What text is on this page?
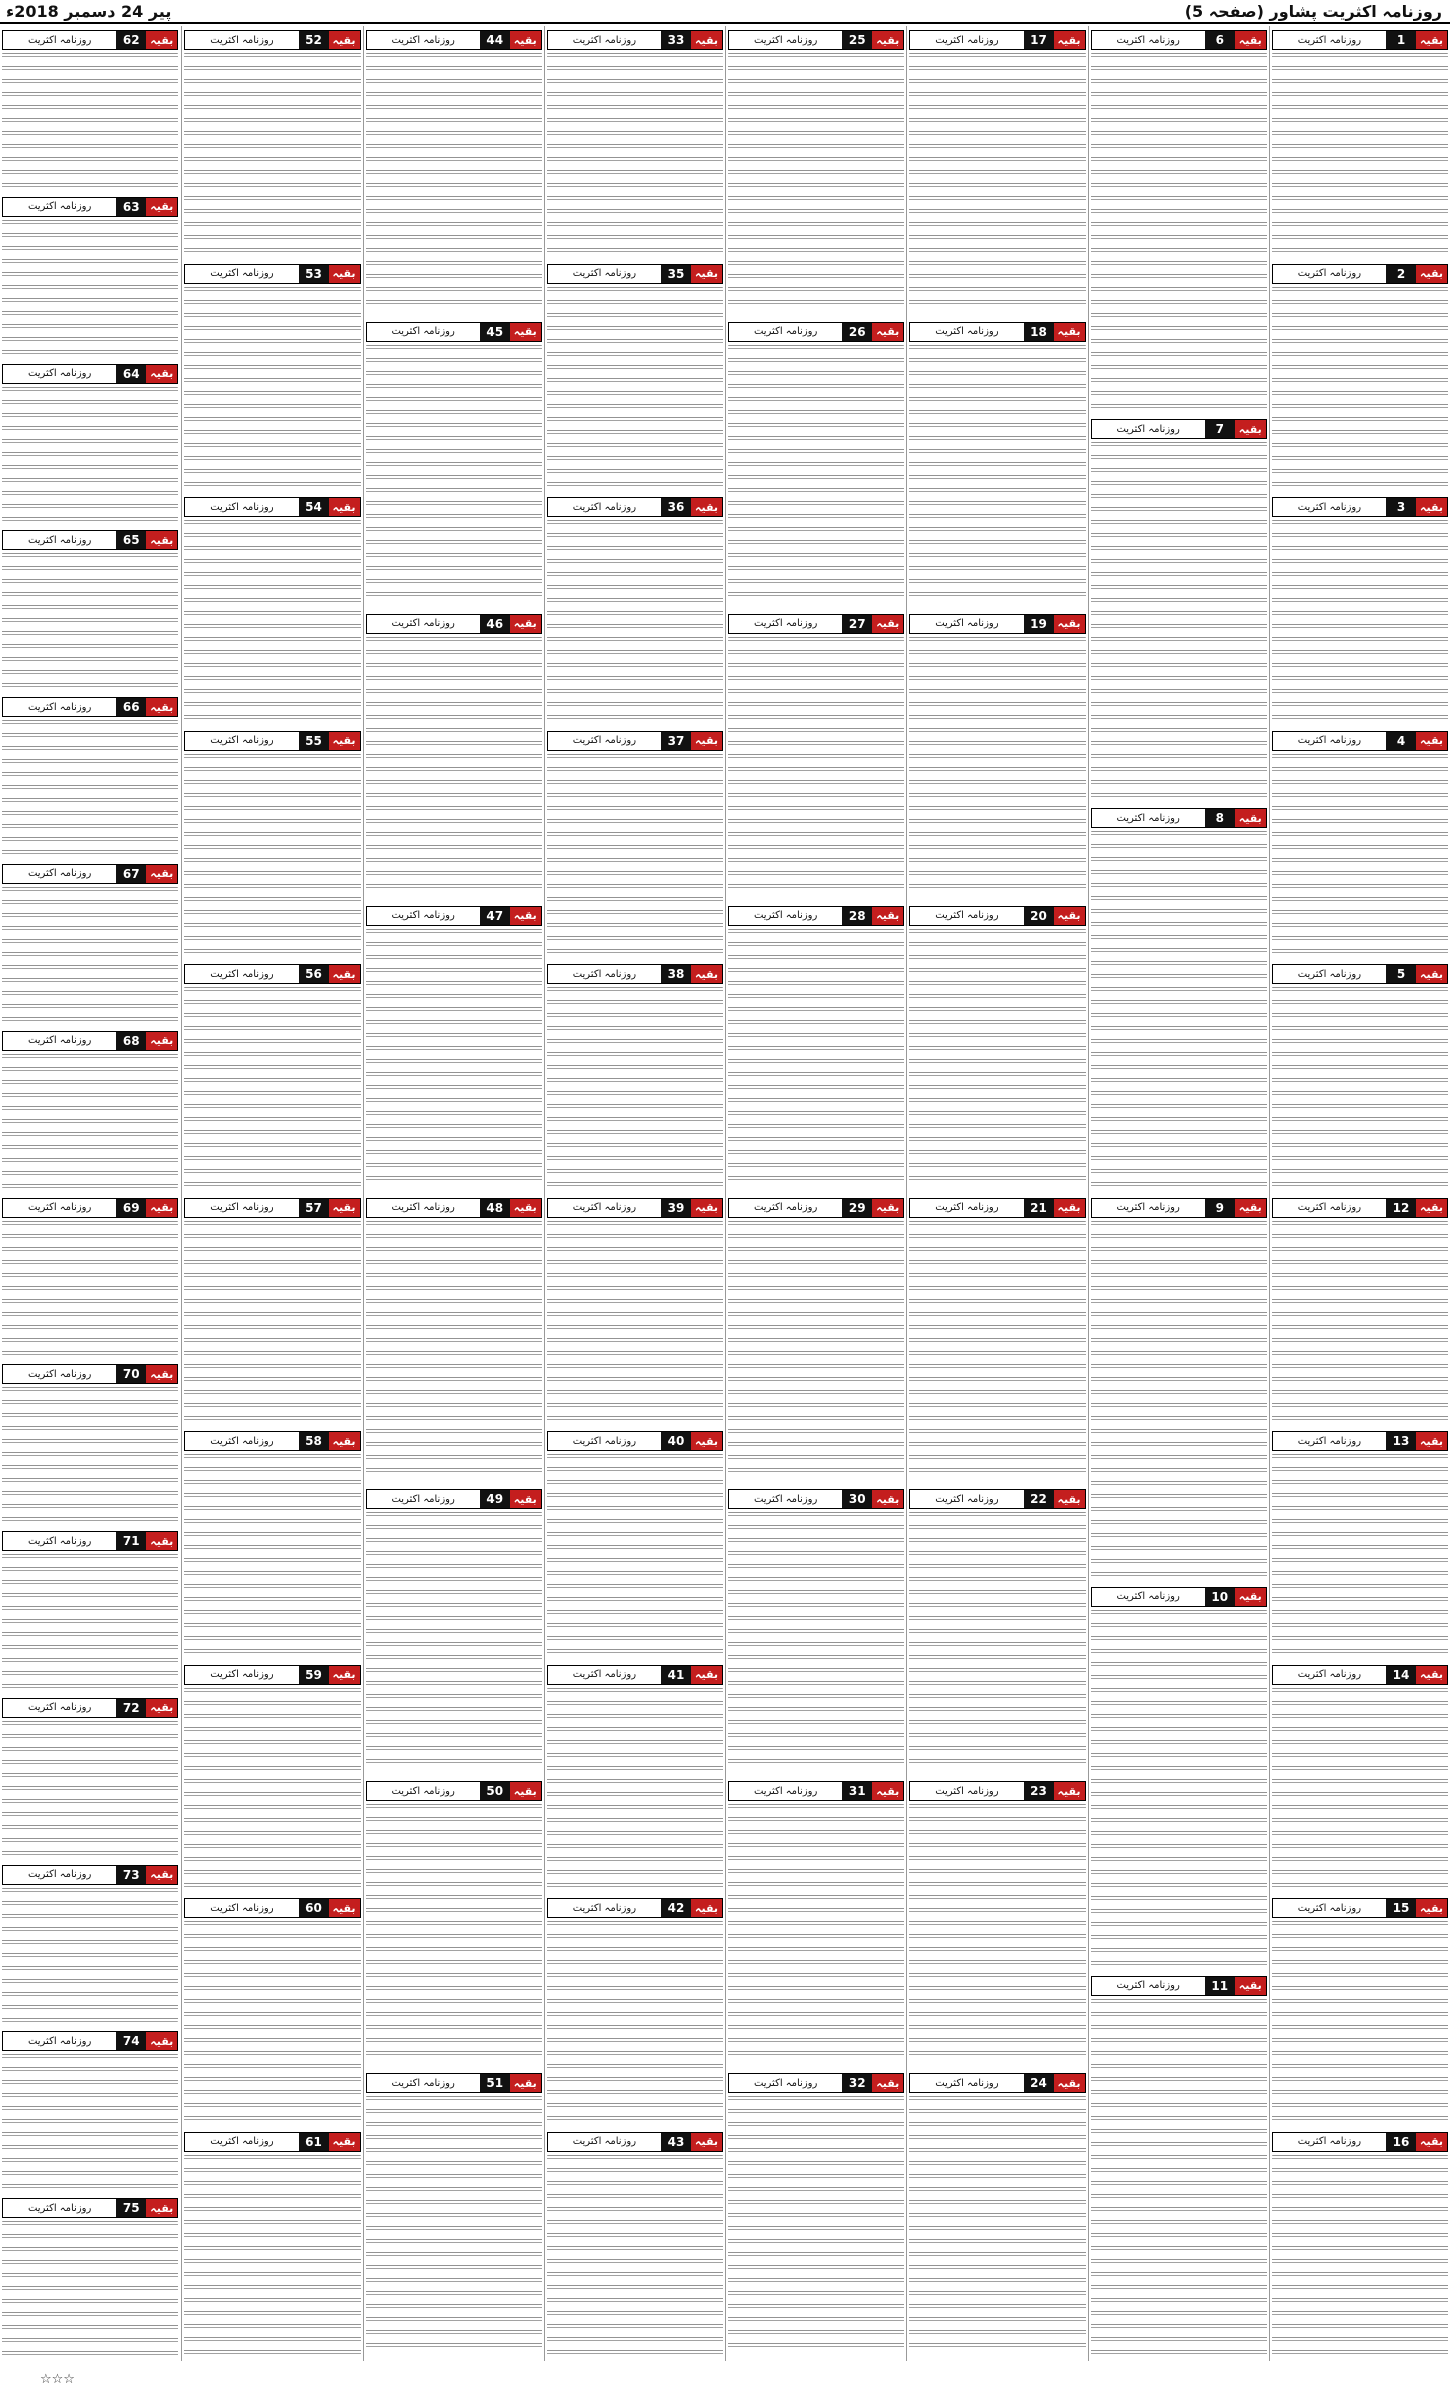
پیر 24 دسمبر 2018ء	روزنامہ اکثریت پشاور (صفحہ 5)
بقیہ
1
روزنامہ اکثریت
بقیہ
2
روزنامہ اکثریت
بقیہ
3
روزنامہ اکثریت
بقیہ
4
روزنامہ اکثریت
بقیہ
5
روزنامہ اکثریت
بقیہ
12
روزنامہ اکثریت
بقیہ
13
روزنامہ اکثریت
بقیہ
14
روزنامہ اکثریت
بقیہ
15
روزنامہ اکثریت
بقیہ
16
روزنامہ اکثریت
بقیہ
6
روزنامہ اکثریت
بقیہ
7
روزنامہ اکثریت
بقیہ
8
روزنامہ اکثریت
بقیہ
9
روزنامہ اکثریت
بقیہ
10
روزنامہ اکثریت
بقیہ
11
روزنامہ اکثریت
بقیہ
17
روزنامہ اکثریت
بقیہ
18
روزنامہ اکثریت
بقیہ
19
روزنامہ اکثریت
بقیہ
20
روزنامہ اکثریت
بقیہ
21
روزنامہ اکثریت
بقیہ
22
روزنامہ اکثریت
بقیہ
23
روزنامہ اکثریت
بقیہ
24
روزنامہ اکثریت
بقیہ
25
روزنامہ اکثریت
بقیہ
26
روزنامہ اکثریت
بقیہ
27
روزنامہ اکثریت
بقیہ
28
روزنامہ اکثریت
بقیہ
29
روزنامہ اکثریت
بقیہ
30
روزنامہ اکثریت
بقیہ
31
روزنامہ اکثریت
بقیہ
32
روزنامہ اکثریت
بقیہ
33
روزنامہ اکثریت
بقیہ
35
روزنامہ اکثریت
بقیہ
36
روزنامہ اکثریت
بقیہ
37
روزنامہ اکثریت
بقیہ
38
روزنامہ اکثریت
بقیہ
39
روزنامہ اکثریت
بقیہ
40
روزنامہ اکثریت
بقیہ
41
روزنامہ اکثریت
بقیہ
42
روزنامہ اکثریت
بقیہ
43
روزنامہ اکثریت
بقیہ
44
روزنامہ اکثریت
بقیہ
45
روزنامہ اکثریت
بقیہ
46
روزنامہ اکثریت
بقیہ
47
روزنامہ اکثریت
بقیہ
48
روزنامہ اکثریت
بقیہ
49
روزنامہ اکثریت
بقیہ
50
روزنامہ اکثریت
بقیہ
51
روزنامہ اکثریت
بقیہ
52
روزنامہ اکثریت
بقیہ
53
روزنامہ اکثریت
بقیہ
54
روزنامہ اکثریت
بقیہ
55
روزنامہ اکثریت
بقیہ
56
روزنامہ اکثریت
بقیہ
57
روزنامہ اکثریت
بقیہ
58
روزنامہ اکثریت
بقیہ
59
روزنامہ اکثریت
بقیہ
60
روزنامہ اکثریت
بقیہ
61
روزنامہ اکثریت
بقیہ
62
روزنامہ اکثریت
بقیہ
63
روزنامہ اکثریت
بقیہ
64
روزنامہ اکثریت
بقیہ
65
روزنامہ اکثریت
بقیہ
66
روزنامہ اکثریت
بقیہ
67
روزنامہ اکثریت
بقیہ
68
روزنامہ اکثریت
بقیہ
69
روزنامہ اکثریت
بقیہ
70
روزنامہ اکثریت
بقیہ
71
روزنامہ اکثریت
بقیہ
72
روزنامہ اکثریت
بقیہ
73
روزنامہ اکثریت
بقیہ
74
روزنامہ اکثریت
بقیہ
75
روزنامہ اکثریت
☆☆☆
